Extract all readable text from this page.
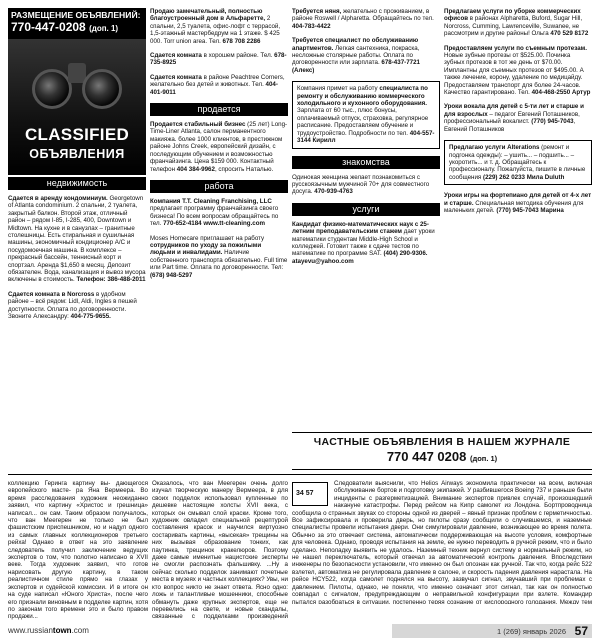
РАЗМЕЩЕНИЕ ОБЪЯВЛЕНИЙ:
770-447-0208 (доп. 1)
CLASSIFIED
ОБЪЯВЛЕНИЯ
недвижимость
Сдается в аренду кондоминиум. Georgetown of Atlanta condominium. 2 спальни, 2 туалета, закрытый балкон. Второй этаж, отличный район – рядом I-85, I-285, 400, Downtown и Midtown. На кухне и в санузлах – гранитные столешницы. Есть стиральная и сушильная машины, экономичный кондиционер A/C и посудомоечная машина. В комплексе – прекрасный бассейн, теннисный корт и спортзал. Аренда $1,650 в месяц. Депозит обязателен. Вода, канализация и вывоз мусора включены в стоимость. Телефон: 386-488-2011
Сдается комната в Norcross в удобном районе – всё рядом: Lidl, Aldi, Ingles в пешей доступности. Оплата по договоренности. Звоните Александру: 404-775-9655.
Продаю замечательный, полностью благоустроенный дом в Альфаретте, 2 спальни, 2,5 туалета, офис-лофт с террасой, 1,5-этажный мастербедрум на 1 этаже. $ 425 000. Torr union area. Тел. 678 708 2286
Сдается комната в хорошем районе. Тел. 678-735-8925
Сдается комната в районе Peachtree Corners, желательно без детей и животных. Тел. 404-401-9011
продается
Продается стабильный бизнес (25 лет) Long-Time-Liner Atlanta, салон перманентного макияжа. более 1000 клиентов, в престижном районе Johns Creek, европейский дизайн, с последующим обучением и возможностью франчайзинга. Цена $159 000. Контактный телефон 404 384-9962, спросить Наталью.
работа
Компания T.T. Cleaning Franchising, LLC предлагает программу франчайзинга своего бизнеса! По всем вопросам обращайтесь по тел. 770-652-4184 www.tt-cleaning.com
Moses Homecare приглашает на работу сотрудников по уходу за пожилыми людьми и инвалидами. Наличие собственного транспорта обязательно. Full time или Part time. Оплата по договоренности. Тел: (678) 948-5297
Требуется няня, желательно с проживанием, в районе Roswell / Alpharetta. Обращайтесь по тел. 404-783-4422
Требуется специалист по обслуживанию апартментов. Легкая сантехника, покраска, несложные столярные работы. Оплата по договоренности или зарплата. 678-437-7721 (Алекс)
Компания примет на работу специалиста по ремонту и обслуживанию коммерческого холодильного и кухонного оборудования. Зарплата от 60 тыс., плюс бонусы, оплачиваемый отпуск, страховка, регулярное расписание. Предоставляем обучение и трудоустройство. Подробности по тел. 404-557-3144 Кирилл
знакомства
Одинокая женщина желает познакомиться с русскоязычным мужчиной 70+ для совместного досуга. 470-939-4763
услуги
Кандидат физико-математических наук с 25-летним преподавательским стажем дает уроки математики студентам Middle-High School и колледжей. Готовит также к сдаче тестов по математике по программе SAT. (404) 290-9306. atayevu@yahoo.com
Предлагаем услуги по уборке коммерческих офисов в районах Alpharetta, Buford, Sugar Hill, Norcross, Cumming, Lawrenceville, Suwanee, не рассмотрим и другие районы! Ольга 470 529 8172
Предоставляем услуги по съемным протезам. Новые зубные протезы от $525.00. Починка зубных протезов в тот же день от $70.00. Имплантны для съемных протезов от $495.00. А также лечение, корону, удаление по медицайду. Предоставляем транспорт для более 24-часов. Качество гарантировано. Тел. 404-468-2550 Артур
Уроки вокала для детей с 5-ти лет и старше и для взрослых – педагог Евгений Поташников, профессиональный вокалист. (770) 945-7043, Евгений Поташников
Предлагаю услуги Alterations (ремонт и подгонка одежды): – ушить... – подшить... – укоротить... и т. д. Обращайтесь к профессионалу. Пожалуйста, пишите в личные сообщения (229) 262 0233 Мила Duluth
Уроки игры на фортепиано для детей от 4-х лет и старше. Специальная методика обучения для маленьких детей. (770) 945-7043 Марина
ЧАСТНЫЕ ОБЪЯВЛЕНИЯ В НАШЕМ ЖУРНАЛЕ
770 447 0208 (доп. 1)
коллекцию Геринга картину вы- дающегося европейского масте- ра Яна Вермеера. Во время расследования художник неожиданно заявил, что картину «Христос и грешница» написал... он сам. Таким образом получалось, что ван Меегерен не только не был фашистским приспешником, но и надул одного из самых главных коллекционеров третьего рейха! Однако в ответ на это заявление следователь получил заключение ведущих экспертов о том, что полотно написано в XVII веке. Тогда художник заявил, что готов нарисовать другую картину, в таком реалистичном стиле прямо на глазах у экспертов и судейской комиссии. И в итоге он на суде написал «Юного Христа», после чего его признали виновным в подделке картин, хотя по законам того времени это и было правом продажи...
Оказалось, что ван Меегерен очень долго изучал творческую манеру Вермеера, в для своих подделок использовал купленные по дешевке настоящие холсты XVII века, с которых он смывал слой краски. Кроме того, художник овладел специальной рецептурой составления красок и научился виртуозно состаривать картины, «высекая» трещины на них вызывая образование тонких, как паутинка, трещинок кракелюров. Поэтому даже самые именитые нацистские эксперты не смогли распознать фальшивку. ...Ну а сейчас сколько подделок занимают почетные места в музеях и частных коллекциях? Увы, ни кто вопрос никто не знает ответа. Ясно одно: ложь и талантливые мошенники, способные обмануть даже крупных экспертов, еще не перевелись на свете, и новые скандалы, связанные с подделками произведений
34 57
Следователи выяснили, что Helios Airways экономила практически на всем, включая обслуживание бортов и подготовку экипажей. У разбившегося Boeing 737 и раньше были инциденты с разгерметизацией. Внимание экспертов привлек случай, произошедший накануне катастрофы. Перед рейсом на Кипр самолет из Лондона. Бортпроводница сообщила о странных звуках со стороны одной из дверей – явный признак проблем с герметичностью. Все зафиксировала и проверила дверь, но пилоты сразу сообщили о случившемся, и наземные специалисты провели испытания двери. Они симулировали давление, возникающее во время полета. Обычно за это отвечает система, автоматически поддерживающая на высоте условия, комфортные для человека. Однако, проводя испытания на земле, ее нужно переводить в ручной режим, что и было сделано. Неполадку выявить не удалось. Наземный техник вернул систему в нормальный режим, но не нашел переключатель, который отвечал за автоматический контроль давления. Впоследствии инженеры по безопасности установили, что именно он был опознан как ручной. Так что, когда рейс 522 взлетел, автоматика не регулировала давление в салоне, и скорость падения давления нарастала. На рейсе HCY522, когда самолет поднялся на высоту, зазвучал сигнал, звучавший при проблемах с давлением. Пилоты, однако, не поняли, что именно означает этот сигнал, так как он полностью совпадал с сигналом, предупреждающим о неправильной конфигурации при взлете. Командир пытался разобраться в ситуации, постепенно теряя сознание от кислородного голодания. Между тем
www.russiantown.com	1 (269) январь 2026 57
